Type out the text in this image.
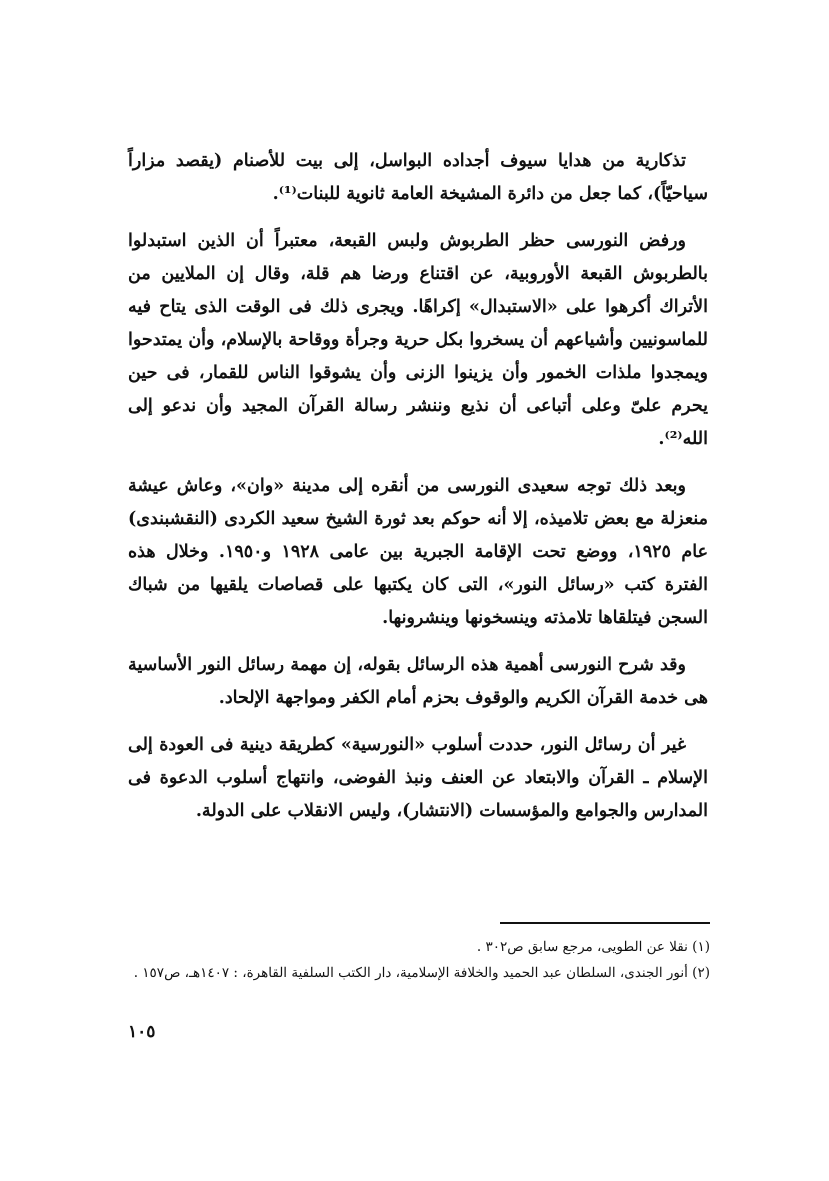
تذكارية من هدايا سيوف أجداده البواسل، إلى بيت للأصنام (يقصد مزاراً سياحيّاً)، كما جعل من دائرة المشيخة العامة ثانوية للبنات⁽¹⁾.

ورفض النورسى حظر الطربوش ولبس القبعة، معتبراً أن الذين استبدلوا بالطربوش القبعة الأوروبية، عن اقتناع ورضا هم قلة، وقال إن الملايين من الأتراك أكرهوا على «الاستبدال» إكراهًا. ويجرى ذلك فى الوقت الذى يتاح فيه للماسونيين وأشياعهم أن يسخروا بكل حرية وجرأة ووقاحة بالإسلام، وأن يمتدحوا ويمجدوا ملذات الخمور وأن يزينوا الزنى وأن يشوقوا الناس للقمار، فى حين يحرم علىّ وعلى أتباعى أن نذيع وننشر رسالة القرآن المجيد وأن ندعو إلى الله⁽²⁾.

وبعد ذلك توجه سعيدى النورسى من أنقره إلى مدينة «وان»، وعاش عيشة منعزلة مع بعض تلاميذه، إلا أنه حوكم بعد ثورة الشيخ سعيد الكردى (النقشبندى) عام ١٩٢٥، ووضع تحت الإقامة الجبرية بين عامى ١٩٢٨ و١٩٥٠. وخلال هذه الفترة كتب «رسائل النور»، التى كان يكتبها على قصاصات يلقيها من شباك السجن فيتلقاها تلامذته وينسخونها وينشرونها.

وقد شرح النورسى أهمية هذه الرسائل بقوله، إن مهمة رسائل النور الأساسية هى خدمة القرآن الكريم والوقوف بحزم أمام الكفر ومواجهة الإلحاد.

غير أن رسائل النور، حددت أسلوب «النورسية» كطريقة دينية فى العودة إلى الإسلام ـ القرآن والابتعاد عن العنف ونبذ الفوضى، وانتهاج أسلوب الدعوة فى المدارس والجوامع والمؤسسات (الانتشار)، وليس الانقلاب على الدولة.

(١) نقلا عن الطويى، مرجع سابق ص٣٠٢ .

(٢) أنور الجندى، السلطان عبد الحميد والخلافة الإسلامية، دار الكتب السلفية القاهرة، : ١٤٠٧هـ، ص١٥٧ .

١٠٥
